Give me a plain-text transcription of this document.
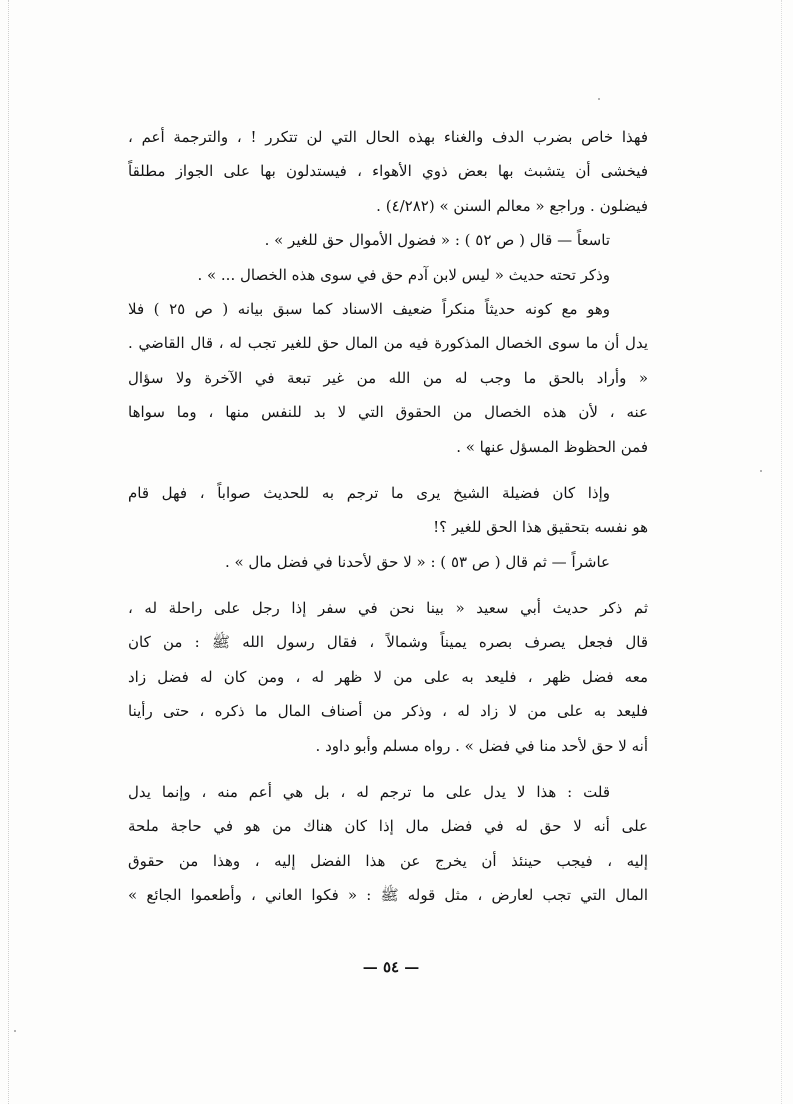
فهذا خاص بضرب الدف والغناء بهذه الحال التي لن تتكرر ! ، والترجمة أعم ،
فيخشى أن يتشبث بها بعض ذوي الأهواء ، فيستدلون بها على الجواز مطلقاً
فيضلون . وراجع « معالم السنن » (٤/٢٨٢) .
تاسعاً — قال ( ص ٥٢ ) : « فضول الأموال حق للغير » .
وذكر تحته حديث « ليس لابن آدم حق في سوى هذه الخصال ... » .
وهو مع كونه حديثاً منكراً ضعيف الاسناد كما سبق بيانه ( ص ٢٥ ) فلا
يدل أن ما سوى الخصال المذكورة فيه من المال حق للغير تجب له ، قال القاضي .
« وأراد بالحق ما وجب له من الله من غير تبعة في الآخرة ولا سؤال
عنه ، لأن هذه الخصال من الحقوق التي لا بد للنفس منها ، وما سواها
فمن الحظوظ المسؤل عنها » .
وإذا كان فضيلة الشيخ يرى ما ترجم به للحديث صواباً ، فهل قام
هو نفسه بتحقيق هذا الحق للغير ؟!
عاشراً — ثم قال ( ص ٥٣ ) : « لا حق لأحدنا في فضل مال » .
ثم ذكر حديث أبي سعيد « بينا نحن في سفر إذا رجل على راحلة له ،
قال فجعل يصرف بصره يميناً وشمالاً ، فقال رسول الله ﷺ : من كان
معه فضل ظهر ، فليعد به على من لا ظهر له ، ومن كان له فضل زاد
فليعد به على من لا زاد له ، وذكر من أصناف المال ما ذكره ، حتى رأينا
أنه لا حق لأحد منا في فضل » . رواه مسلم وأبو داود .
قلت : هذا لا يدل على ما ترجم له ، بل هي أعم منه ، وإنما يدل
على أنه لا حق له في فضل مال إذا كان هناك من هو في حاجة ملحة
إليه ، فيجب حينئذ أن يخرج عن هذا الفضل إليه ، وهذا من حقوق
المال التي تجب لعارض ، مثل قوله ﷺ : « فكوا العاني ، وأطعموا الجائع »
— ٥٤ —
